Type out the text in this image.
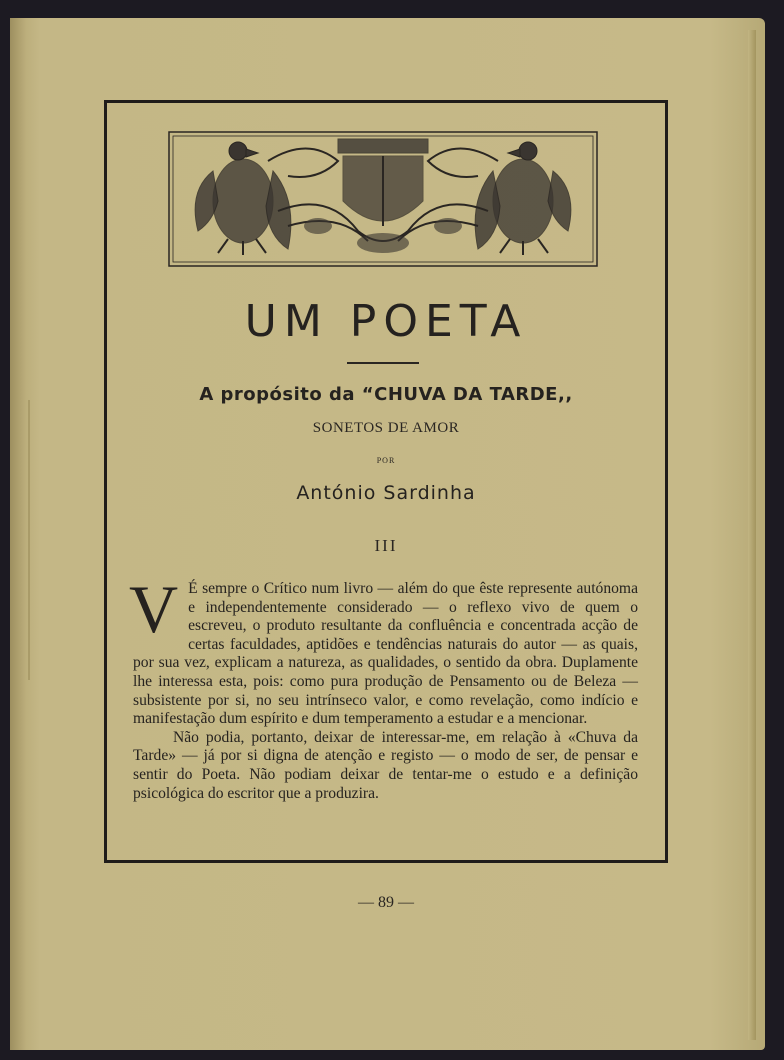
UM POETA
A propósito da “CHUVA DA TARDE,,
SONETOS DE AMOR
POR
António Sardinha
III
V É sempre o Crítico num livro — além do que êste represente autónoma e independentemente considerado — o reflexo vivo de quem o escreveu, o produto resultante da confluência e concentrada acção de certas faculdades, aptidões e tendências naturais do autor — as quais, por sua vez, explicam a natureza, as qualidades, o sentido da obra. Duplamente lhe interessa esta, pois: como pura produção de Pensamento ou de Beleza — subsistente por si, no seu intrínseco valor, e como revelação, como indício e manifestação dum espírito e dum temperamento a estudar e a mencionar.

Não podia, portanto, deixar de interessar-me, em relação à «Chuva da Tarde» — já por si digna de atenção e registo — o modo de ser, de pensar e sentir do Poeta. Não podiam deixar de tentar-me o estudo e a definição psicológica do escritor que a produzira.

— 89 —
